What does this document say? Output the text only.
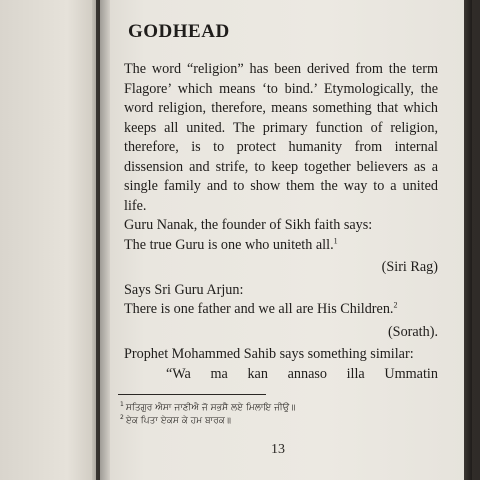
GODHEAD

The word “religion” has been derived from the term Flagore’ which means ‘to bind.’ Etymologically, the word religion, therefore, means something that which keeps all united. The primary function of religion, therefore, is to protect humanity from internal dissension and strife, to keep together believers as a single family and to show them the way to a united life.

Guru Nanak, the founder of Sikh faith says:

The true Guru is one who uniteth all.$^1$

(Siri Rag)

Says Sri Guru Arjun:

There is one father and we all are His Children.$^2$

(Sorath).

Prophet Mohammed Sahib says something similar:

“Wa ma kan annaso illa Ummatin

$^1$ ਸਤਿਗੁਰ ਐਸਾ ਜਾਣੀਐ ਜੋ ਸਭਸੈ ਲਏ ਮਿਲਾਇ ਜੀਉ॥

$^2$ ਏਕ ਪਿਤਾ ਏਕਸ ਕੇ ਹਮ ਬਾਰਕ॥

13
